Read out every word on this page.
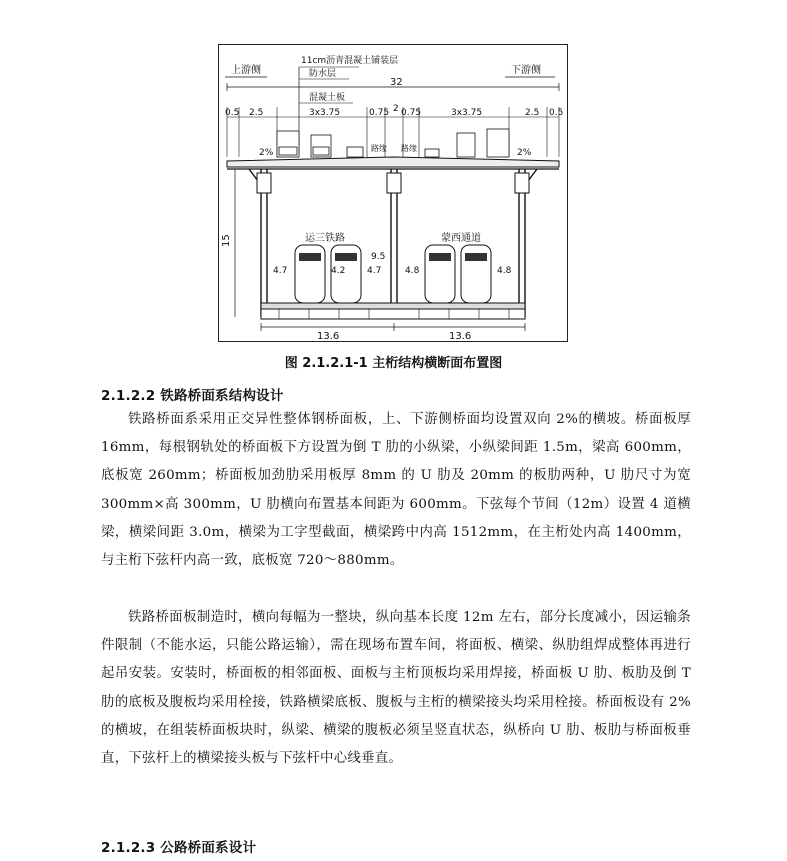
上游侧	下游侧
11cm沥青混凝土铺装层
防水层
32
混凝土板
0.5 2.5	3x3.75	0.75 2 0.75	3x3.75	2.5 0.5
2%	2%
路缘 路缘
15	运三铁路	蒙西通道
9.5
4.7	4.2 4.7	4.8	4.8
13.6	13.6
图 2.1.2.1-1 主桁结构横断面布置图
2.1.2.2 铁路桥面系结构设计

铁路桥面系采用正交异性整体钢桥面板，上、下游侧桥面均设置双向 2%的横坡。桥面板厚 16mm，每根钢轨处的桥面板下方设置为倒 T 肋的小纵梁，小纵梁间距 1.5m，梁高 600mm，底板宽 260mm；桥面板加劲肋采用板厚 8mm 的 U 肋及 20mm 的板肋两种，U 肋尺寸为宽 300mm×高 300mm，U 肋横向布置基本间距为 600mm。下弦每个节间（12m）设置 4 道横梁，横梁间距 3.0m，横梁为工字型截面，横梁跨中内高 1512mm，在主桁处内高 1400mm，与主桁下弦杆内高一致，底板宽 720～880mm。

铁路桥面板制造时，横向每幅为一整块，纵向基本长度 12m 左右，部分长度减小，因运输条件限制（不能水运，只能公路运输），需在现场布置车间，将面板、横梁、纵肋组焊成整体再进行起吊安装。安装时，桥面板的相邻面板、面板与主桁顶板均采用焊接，桥面板 U 肋、板肋及倒 T 肋的底板及腹板均采用栓接，铁路横梁底板、腹板与主桁的横梁接头均采用栓接。桥面板设有 2%的横坡，在组装桥面板块时，纵梁、横梁的腹板必须呈竖直状态，纵桥向 U 肋、板肋与桥面板垂直，下弦杆上的横梁接头板与下弦杆中心线垂直。

2.1.2.3 公路桥面系设计
